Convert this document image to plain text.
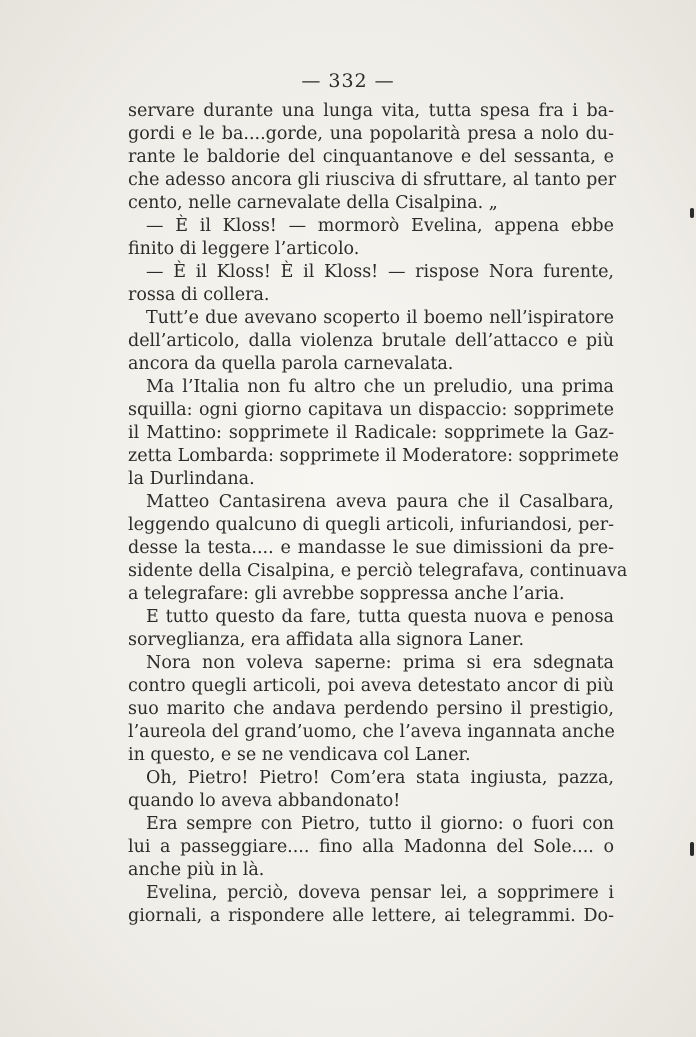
— 332 —
servare durante una lunga vita, tutta spesa fra i ba-
gordi e le ba....gorde, una popolarità presa a nolo du-
rante le baldorie del cinquantanove e del sessanta, e
che adesso ancora gli riusciva di sfruttare, al tanto per
cento, nelle carnevalate della Cisalpina. „
— È il Kloss! — mormorò Evelina, appena ebbe
finito di leggere l’articolo.
— È il Kloss! È il Kloss! — rispose Nora furente,
rossa di collera.
Tutt’e due avevano scoperto il boemo nell’ispiratore
dell’articolo, dalla violenza brutale dell’attacco e più
ancora da quella parola carnevalata.
Ma l’Italia non fu altro che un preludio, una prima
squilla: ogni giorno capitava un dispaccio: sopprimete
il Mattino: sopprimete il Radicale: sopprimete la Gaz-
zetta Lombarda: sopprimete il Moderatore: sopprimete
la Durlindana.
Matteo Cantasirena aveva paura che il Casalbara,
leggendo qualcuno di quegli articoli, infuriandosi, per-
desse la testa.... e mandasse le sue dimissioni da pre-
sidente della Cisalpina, e perciò telegrafava, continuava
a telegrafare: gli avrebbe soppressa anche l’aria.
E tutto questo da fare, tutta questa nuova e penosa
sorveglianza, era affidata alla signora Laner.
Nora non voleva saperne: prima si era sdegnata
contro quegli articoli, poi aveva detestato ancor di più
suo marito che andava perdendo persino il prestigio,
l’aureola del grand’uomo, che l’aveva ingannata anche
in questo, e se ne vendicava col Laner.
Oh, Pietro! Pietro! Com’era stata ingiusta, pazza,
quando lo aveva abbandonato!
Era sempre con Pietro, tutto il giorno: o fuori con
lui a passeggiare.... fino alla Madonna del Sole.... o
anche più in là.
Evelina, perciò, doveva pensar lei, a sopprimere i
giornali, a rispondere alle lettere, ai telegrammi. Do-
